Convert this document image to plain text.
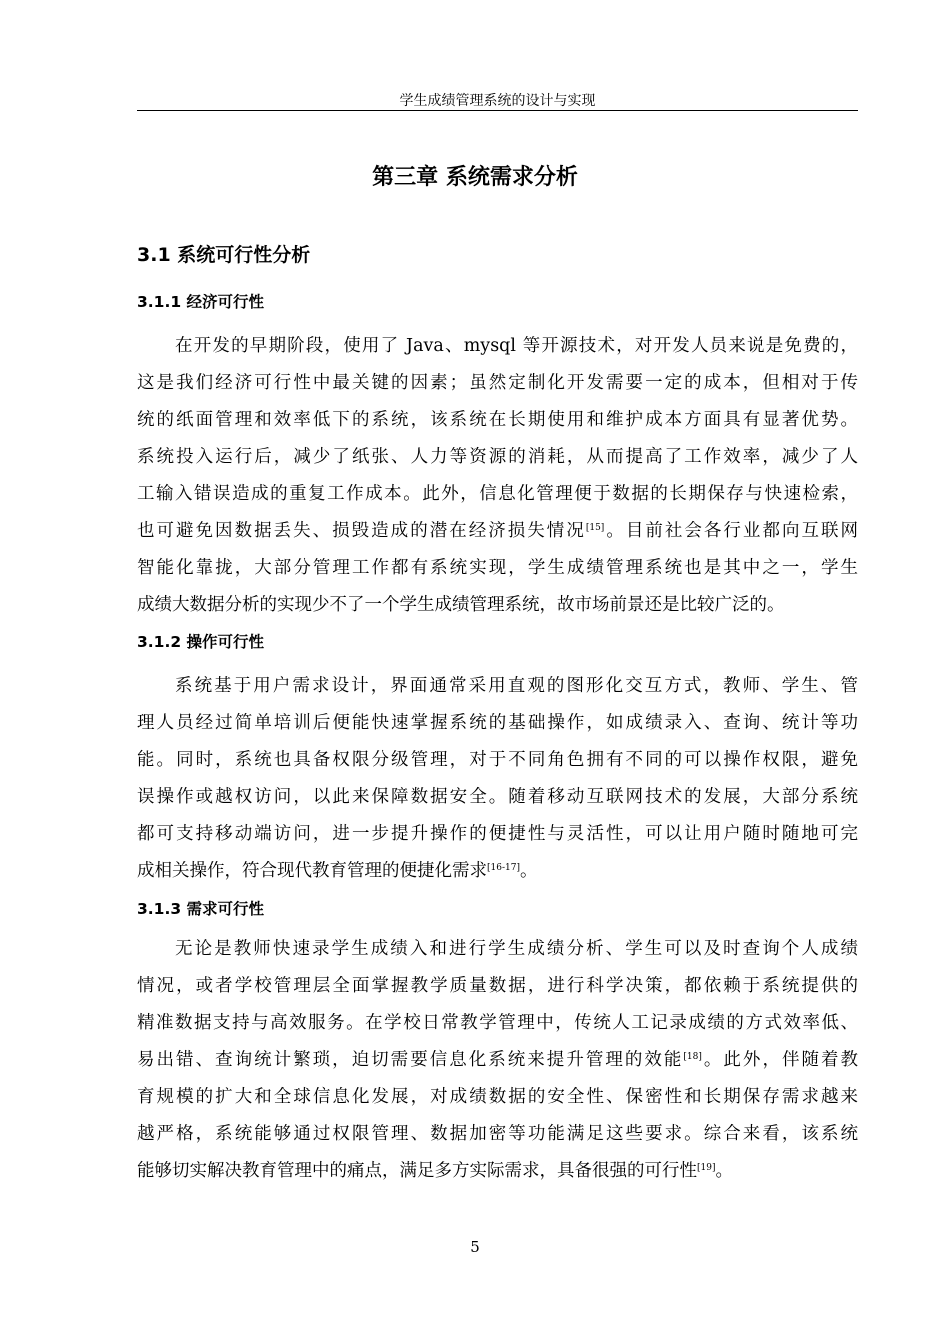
学生成绩管理系统的设计与实现
第三章 系统需求分析
3.1 系统可行性分析
3.1.1 经济可行性
在开发的早期阶段，使用了 Java、mysql 等开源技术，对开发人员来说是免费的，
这是我们经济可行性中最关键的因素；虽然定制化开发需要一定的成本，但相对于传
统的纸面管理和效率低下的系统，该系统在长期使用和维护成本方面具有显著优势。
系统投入运行后，减少了纸张、人力等资源的消耗，从而提高了工作效率，减少了人
工输入错误造成的重复工作成本。此外，信息化管理便于数据的长期保存与快速检索，
也可避免因数据丢失、损毁造成的潜在经济损失情况[15]。目前社会各行业都向互联网
智能化靠拢，大部分管理工作都有系统实现，学生成绩管理系统也是其中之一，学生
成绩大数据分析的实现少不了一个学生成绩管理系统，故市场前景还是比较广泛的。
3.1.2 操作可行性
系统基于用户需求设计，界面通常采用直观的图形化交互方式，教师、学生、管
理人员经过简单培训后便能快速掌握系统的基础操作，如成绩录入、查询、统计等功
能。同时，系统也具备权限分级管理，对于不同角色拥有不同的可以操作权限，避免
误操作或越权访问，以此来保障数据安全。随着移动互联网技术的发展，大部分系统
都可支持移动端访问，进一步提升操作的便捷性与灵活性，可以让用户随时随地可完
成相关操作，符合现代教育管理的便捷化需求[16-17]。
3.1.3 需求可行性
无论是教师快速录学生成绩入和进行学生成绩分析、学生可以及时查询个人成绩
情况，或者学校管理层全面掌握教学质量数据，进行科学决策，都依赖于系统提供的
精准数据支持与高效服务。在学校日常教学管理中，传统人工记录成绩的方式效率低、
易出错、查询统计繁琐，迫切需要信息化系统来提升管理的效能[18]。此外，伴随着教
育规模的扩大和全球信息化发展，对成绩数据的安全性、保密性和长期保存需求越来
越严格，系统能够通过权限管理、数据加密等功能满足这些要求。综合来看，该系统
能够切实解决教育管理中的痛点，满足多方实际需求，具备很强的可行性[19]。
5
